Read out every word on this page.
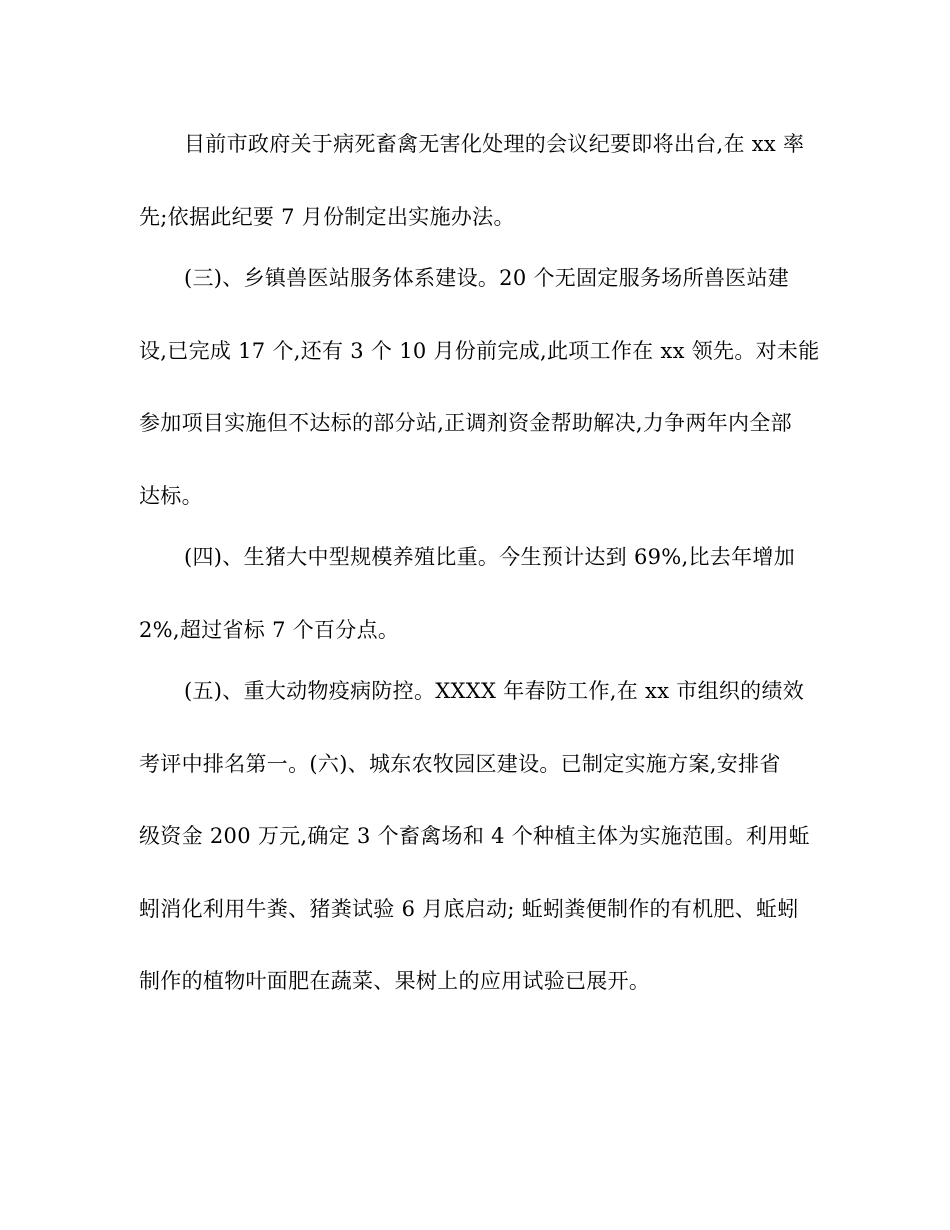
目前市政府关于病死畜禽无害化处理的会议纪要即将出台,在 xx 率
先;依据此纪要 7 月份制定出实施办法。
(三)、乡镇兽医站服务体系建设。20 个无固定服务场所兽医站建
设,已完成 17 个,还有 3 个 10 月份前完成,此项工作在 xx 领先。对未能
参加项目实施但不达标的部分站,正调剂资金帮助解决,力争两年内全部
达标。
(四)、生猪大中型规模养殖比重。今生预计达到 69%,比去年增加
2%,超过省标 7 个百分点。
(五)、重大动物疫病防控。XXXX 年春防工作,在 xx 市组织的绩效
考评中排名第一。(六)、城东农牧园区建设。已制定实施方案,安排省
级资金 200 万元,确定 3 个畜禽场和 4 个种植主体为实施范围。利用蚯
蚓消化利用牛粪、猪粪试验 6 月底启动; 蚯蚓粪便制作的有机肥、蚯蚓
制作的植物叶面肥在蔬菜、果树上的应用试验已展开。
